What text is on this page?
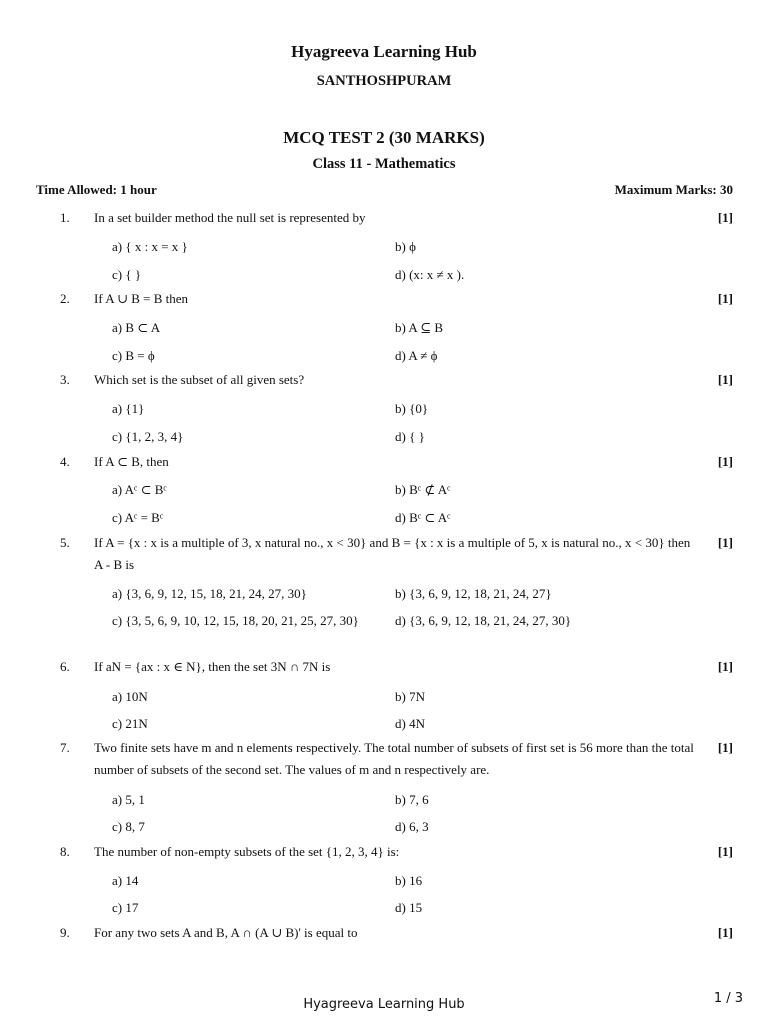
Hyagreeva Learning Hub
SANTHOSHPURAM
MCQ TEST 2 (30 MARKS)
Class 11 - Mathematics
Time Allowed: 1 hour	Maximum Marks: 30
1. In a set builder method the null set is represented by	[1]
a) { x : x = x }	b) ϕ
c) { }	d) (x: x ≠ x ).
2. If A ∪ B = B then	[1]
a) B ⊂ A	b) A ⊆ B
c) B = ϕ	d) A ≠ ϕ
3. Which set is the subset of all given sets?	[1]
a) {1}	b) {0}
c) {1, 2, 3, 4}	d) { }
4. If A ⊂ B, then	[1]
a) Aᶜ ⊂ Bᶜ	b) Bᶜ ⊄ Aᶜ
c) Aᶜ = Bᶜ	d) Bᶜ ⊂ Aᶜ
5. If A = {x : x is a multiple of 3, x natural no., x < 30} and B = {x : x is a multiple of 5, x is natural no., x < 30} then A - B is
[1]
a) {3, 6, 9, 12, 15, 18, 21, 24, 27, 30}	b) {3, 6, 9, 12, 18, 21, 24, 27}
c) {3, 5, 6, 9, 10, 12, 15, 18, 20, 21, 25, 27, 30}	d) {3, 6, 9, 12, 18, 21, 24, 27, 30}
6. If aN = {ax : x ∈ N}, then the set 3N ∩ 7N is	[1]
a) 10N	b) 7N
c) 21N	d) 4N
7. Two finite sets have m and n elements respectively. The total number of subsets of first set is 56 more than the total number of subsets of the second set. The values of m and n respectively are.
[1]
a) 5, 1	b) 7, 6
c) 8, 7	d) 6, 3
8. The number of non-empty subsets of the set {1, 2, 3, 4} is:	[1]
a) 14	b) 16
c) 17	d) 15
9. For any two sets A and B, A ∩ (A ∪ B)' is equal to	[1]
Hyagreeva Learning Hub	1 / 3
